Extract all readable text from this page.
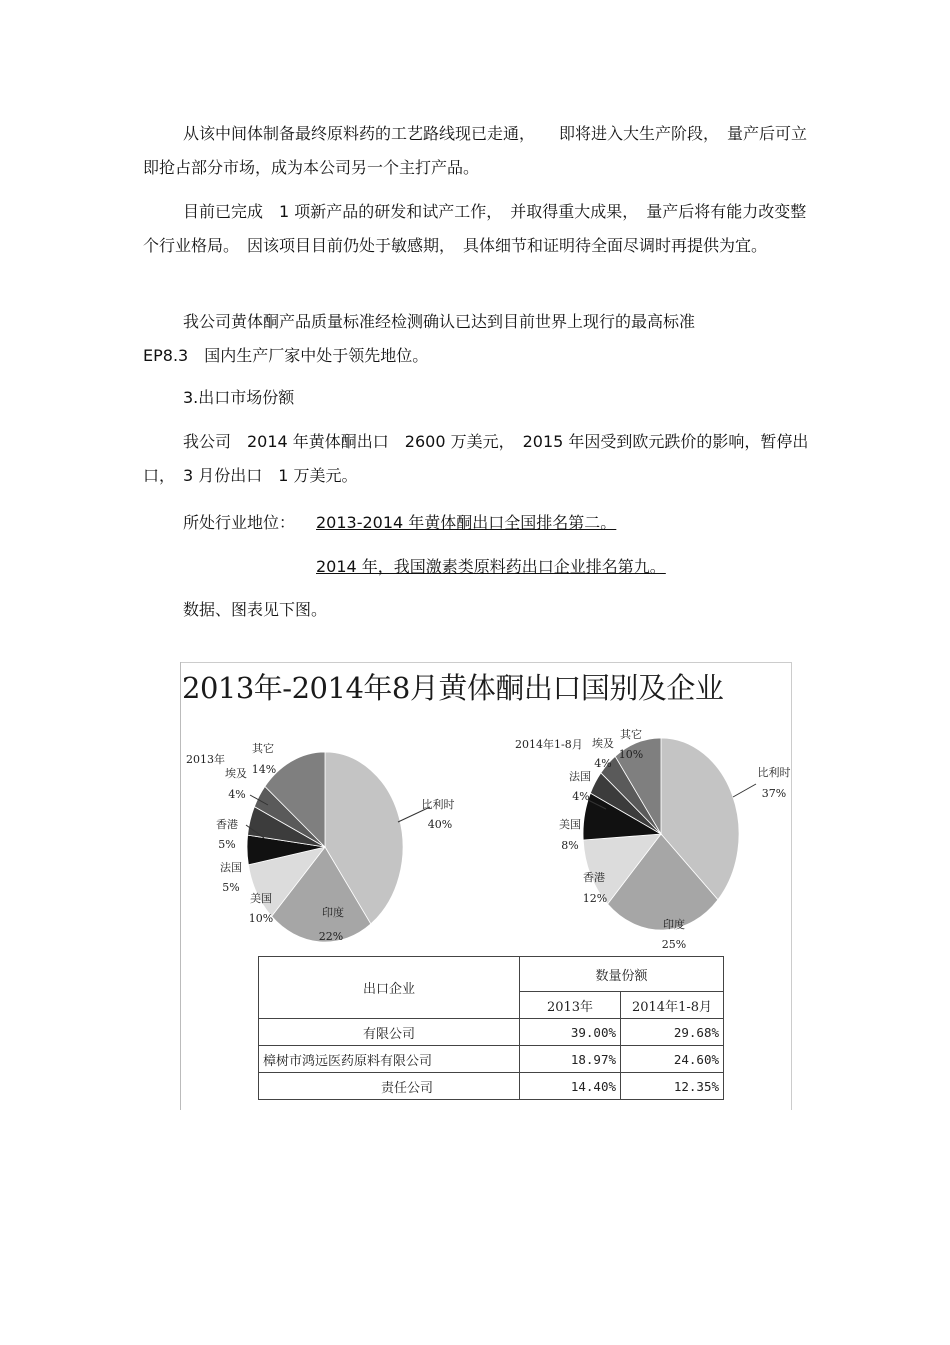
从该中间体制备最终原料药的工艺路线现已走通，　　即将进入大生产阶段，　量产后可立即抢占部分市场，成为本公司另一个主打产品。
目前已完成　1 项新产品的研发和试产工作，　并取得重大成果，　量产后将有能力改变整个行业格局。　因该项目目前仍处于敏感期，　具体细节和证明待全面尽调时再提供为宜。
我公司黄体酮产品质量标准经检测确认已达到目前世界上现行的最高标准
EP8.3　国内生产厂家中处于领先地位。
3.出口市场份额
我公司　2014 年黄体酮出口　2600 万美元，　2015 年因受到欧元跌价的影响，暂停出口，　3 月份出口　1 万美元。
所处行业地位： 2013-2014 年黄体酮出口全国排名第二。
2014 年，我国激素类原料药出口企业排名第九。
数据、图表见下图。
2013年-2014年8月黄体酮出口国别及企业
比利时
40%
印度
22%
美国
10%
法国
5%
香港
5%
埃及
4%
其它
14%
2013年
比利时
37%
印度
25%
香港
12%
美国
8%
法国
4%
埃及
4%
其它
10%
2014年1-8月
出口企业	数量份额	
	2013年	2014年1-8月
有限公司	39.00%	29.68%
樟树市鸿远医药原料有限公司	18.97%	24.60%
责任公司	14.40%	12.35%
